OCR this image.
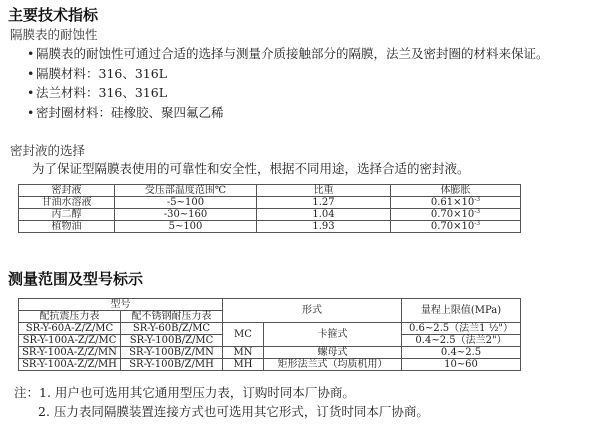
主要技术指标
隔膜表的耐蚀性
• 隔膜表的耐蚀性可通过合适的选择与测量介质接触部分的隔膜，法兰及密封圈的材料来保证。
• 隔膜材料：316、316L
• 法兰材料：316、316L
• 密封圈材料：硅橡胶、聚四氟乙稀
密封液的选择
为了保证型隔膜表使用的可靠性和安全性，根据不同用途，选择合适的密封液。
密封液	受压部温度范围℃	比重	体膨胀
甘油水溶液	-5~100	1.27	$0.61\times 10^{-3}$
丙二醇	-30~160	1.04	$0.70\times 10^{-3}$
植物油	5~100	1.93	$0.70\times 10^{-3}$
测量范围及型号标示
型号		形式		量程上限值(MPa)
配抗震压力表	配不锈钢耐压力表			
SR-Y-60A-Z/Z/MC	SR-Y-60B/Z/MC	MC	卡箍式	0.6~2.5（法兰1 ½"）
SR-Y-100A-Z/Z/MC	SR-Y-100B/Z/MC			0.4~2.5（法兰2"）
SR-Y-100A-Z/Z/MN	SR-Y-100B/Z/MN	MN	螺母式	0.4~2.5
SR-Y-100A-Z/Z/MH	SR-Y-100B/Z/MH	MH	矩形法兰式（均质机用）	10~60
注：1. 用户也可选用其它通用型压力表，订购时同本厂协商。
2. 压力表同隔膜装置连接方式也可选用其它形式，订货时同本厂协商。
